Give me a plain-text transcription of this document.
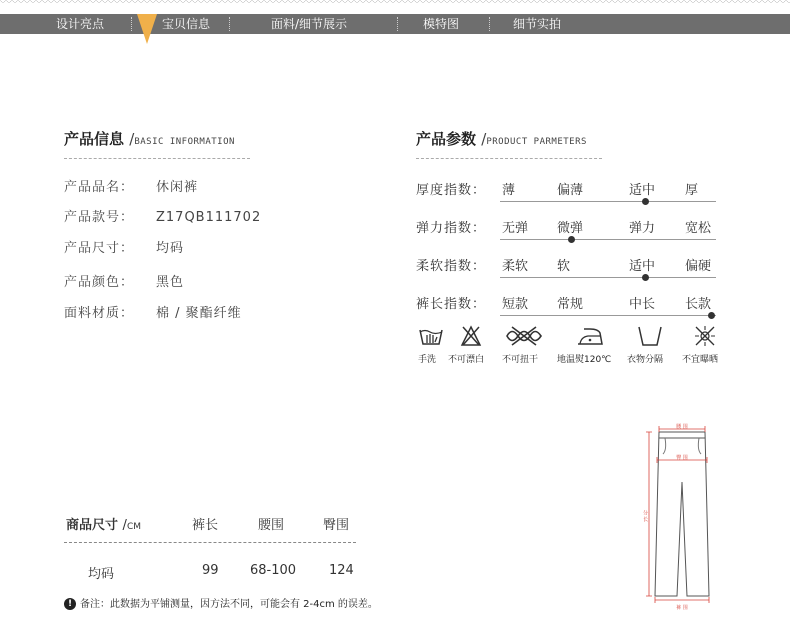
设计亮点	宝贝信息	面料/细节展示	模特图	细节实拍
产品信息 /BASIC INFORMATION
产品品名： 休闲裤
产品款号： Z17QB111702
产品尺寸： 均码
产品颜色： 黑色
面料材质： 棉 / 聚酯纤维
产品参数 /PRODUCT PARMETERS
厚度指数： 薄	偏薄	适中 厚
弹力指数： 无弹 微弹	弹力 宽松
柔软指数： 柔软 软	适中 偏硬
裤长指数： 短款 常规	中长 长款
手洗 不可漂白 不可扭干 地温熨120℃ 衣物分隔 不宜曝晒
商品尺寸 /CM	裤长	腰围	臀围
均码	99 68-100	124
! 备注：此数据为平铺测量，因方法不同，可能会有 2-4cm 的误差。
腰 围
臀 围
分 长
裤 围
